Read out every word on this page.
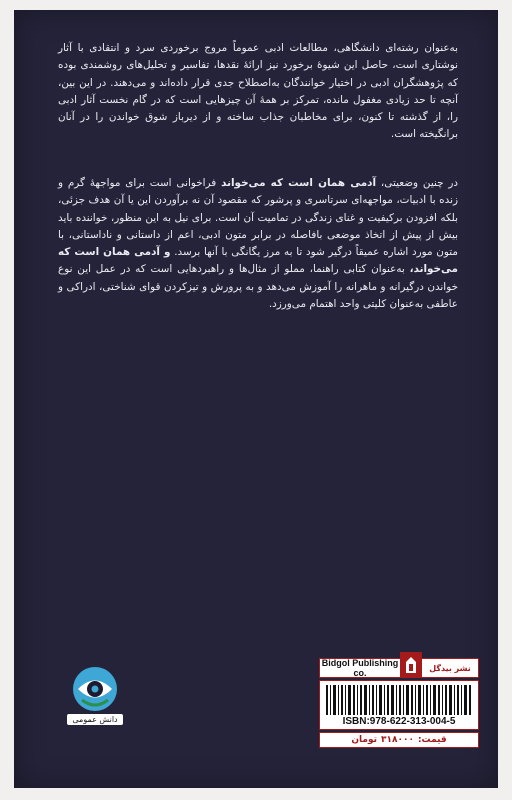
به‌عنوان رشته‌ای دانشگاهی، مطالعات ادبی عموماً مروج برخوردی سرد و انتقادی با آثار نوشتاری است، حاصل این شیوهٔ برخورد نیز ارائهٔ نقدها، تفاسیر و تحلیل‌های روشمندی بوده که پژوهشگران ادبی در اختیار خوانندگان به‌اصطلاح جدی قرار داده‌اند و می‌دهند. در این بین، آنچه تا حد زیادی مغفول مانده، تمرکز بر همهٔ آن چیزهایی است که در گام نخست آثار ادبی را، از گذشته تا کنون، برای مخاطبان جذاب ساخته و از دیرباز شوق خواندن را در آنان برانگیخته است.
در چنین وضعیتی، آدمی همان است که می‌خواند فراخوانی است برای مواجههٔ گرم و زنده با ادبیات، مواجهه‌ای سرتاسری و پرشور که مقصود آن نه برآوردن این یا آن هدف جزئی، بلکه افزودن برکیفیت و غنای زندگی در تمامیت آن است. برای نیل به این منظور، خواننده باید بیش از پیش از اتخاذ موضعی بافاصله در برابر متون ادبی، اعم از داستانی و ناداستانی، با متون مورد اشاره عمیقاً درگیر شود تا به مرز یگانگی با آنها برسد. و آدمی همان است که می‌خواند، به‌عنوان کتابی راهنما، مملو از مثال‌ها و راهبردهایی است که در عمل این نوع خواندن درگیرانه و ماهرانه را آموزش می‌دهد و به پرورش و تیزکردن قوای شناختی، ادراکی و عاطفی به‌عنوان کلیتی واحد اهتمام می‌ورزد.
دانش عمومی
Bidgol Publishing co.	نشر بیدگل
ISBN:978-622-313-004-5
قیمت:
۳۱۸۰۰۰
تومان
